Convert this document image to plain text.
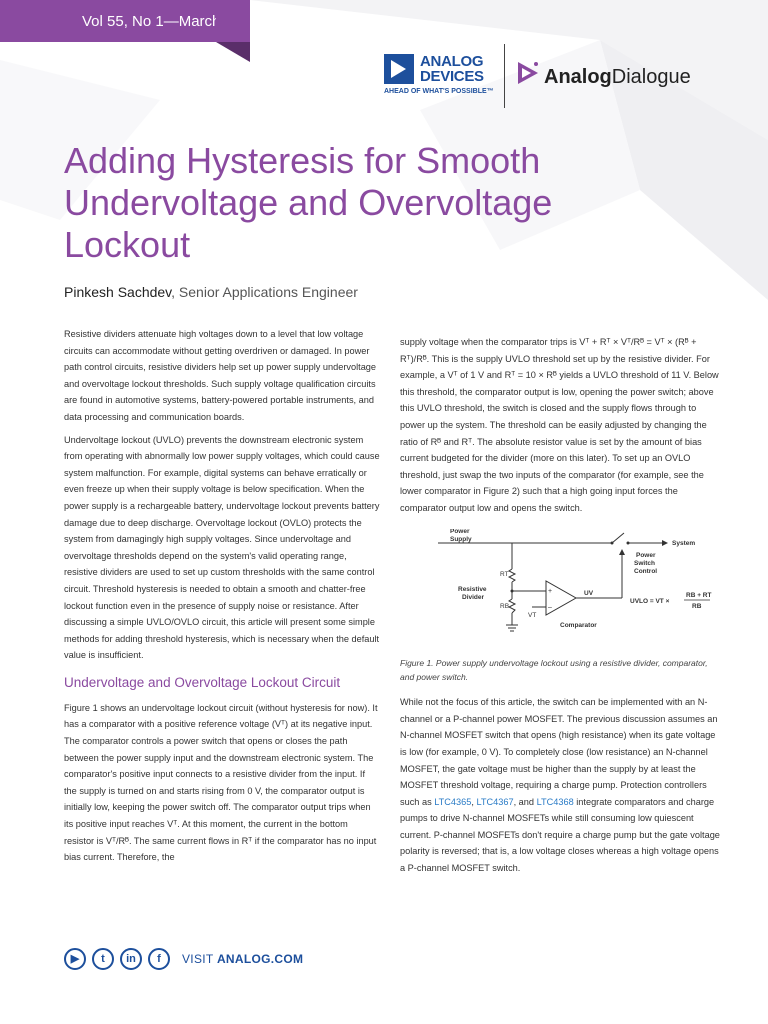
Vol 55, No 1—March 2021	ANALOG
DEVICES
AHEAD OF WHAT'S POSSIBLE™
AnalogDialogue
Adding Hysteresis for Smooth Undervoltage and Overvoltage Lockout
Pinkesh Sachdev, Senior Applications Engineer

Resistive dividers attenuate high voltages down to a level that low voltage circuits can accommodate without getting overdriven or damaged. In power path control circuits, resistive dividers help set up power supply undervoltage and overvoltage lockout thresholds. Such supply voltage qualification circuits are found in automotive systems, battery-powered portable instruments, and data processing and communication boards.

Undervoltage lockout (UVLO) prevents the downstream electronic system from operating with abnormally low power supply voltages, which could cause system malfunction. For example, digital systems can behave erratically or even freeze up when their supply voltage is below specification. When the power supply is a rechargeable battery, undervoltage lockout prevents battery damage due to deep discharge. Overvoltage lockout (OVLO) protects the system from damagingly high supply voltages. Since undervoltage and overvoltage thresholds depend on the system's valid operating range, resistive dividers are used to set up custom thresholds with the same control circuit. Threshold hysteresis is needed to obtain a smooth and chatter-free lockout function even in the presence of supply noise or resistance. After discussing a simple UVLO/OVLO circuit, this article will present some simple methods for adding threshold hysteresis, which is necessary when the default value is insufficient.

Undervoltage and Overvoltage Lockout Circuit

Figure 1 shows an undervoltage lockout circuit (without hysteresis for now). It has a comparator with a positive reference voltage (Vᵀ) at its negative input. The comparator controls a power switch that opens or closes the path between the power supply input and the downstream electronic system. The comparator's positive input connects to a resistive divider from the input. If the supply is turned on and starts rising from 0 V, the comparator output is initially low, keeping the power switch off. The comparator output trips when its positive input reaches Vᵀ. At this moment, the current in the bottom resistor is Vᵀ/Rᴮ. The same current flows in Rᵀ if the comparator has no input bias current. Therefore, the

supply voltage when the comparator trips is Vᵀ + Rᵀ × Vᵀ/Rᴮ = Vᵀ × (Rᴮ + Rᵀ)/Rᴮ. This is the supply UVLO threshold set up by the resistive divider. For example, a Vᵀ of 1 V and Rᵀ = 10 × Rᴮ yields a UVLO threshold of 11 V. Below this threshold, the comparator output is low, opening the power switch; above this UVLO threshold, the switch is closed and the supply flows through to power up the system. The threshold can be easily adjusted by changing the ratio of Rᴮ and Rᵀ. The absolute resistor value is set by the amount of bias current budgeted for the divider (more on this later). To set up an OVLO threshold, just swap the two inputs of the comparator (for example, see the lower comparator in Figure 2) such that a high going input forces the comparator output low and opens the switch.

Power
Supply
System
Power
Switch
Control
RT
RB
Resistive
Divider
+
–
VT
UV
Comparator
UVLO = VT ×
RB + RT
RB
Figure 1. Power supply undervoltage lockout using a resistive divider, comparator, and power switch.

While not the focus of this article, the switch can be implemented with an N-channel or a P-channel power MOSFET. The previous discussion assumes an N-channel MOSFET switch that opens (high resistance) when its gate voltage is low (for example, 0 V). To completely close (low resistance) an N-channel MOSFET, the gate voltage must be higher than the supply by at least the MOSFET threshold voltage, requiring a charge pump. Protection controllers such as LTC4365, LTC4367, and LTC4368 integrate comparators and charge pumps to drive N-channel MOSFETs while still consuming low quiescent current. P-channel MOSFETs don't require a charge pump but the gate voltage polarity is reversed; that is, a low voltage closes whereas a high voltage opens a P-channel MOSFET switch.

▶	t	in	f	VISIT ANALOG.COM
